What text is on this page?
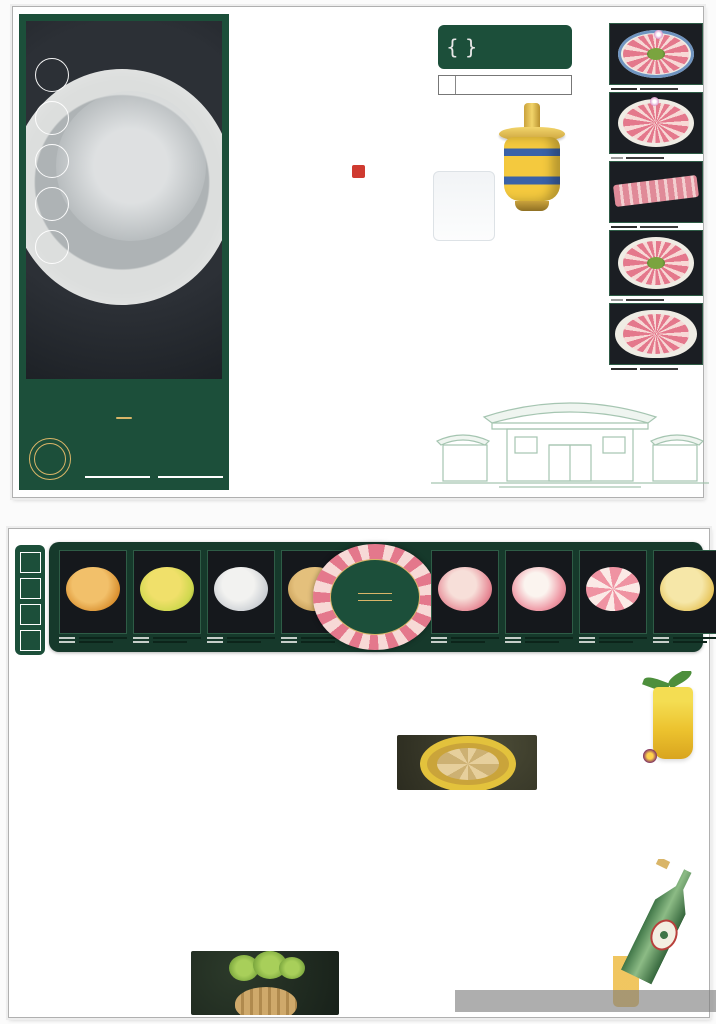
{ }
